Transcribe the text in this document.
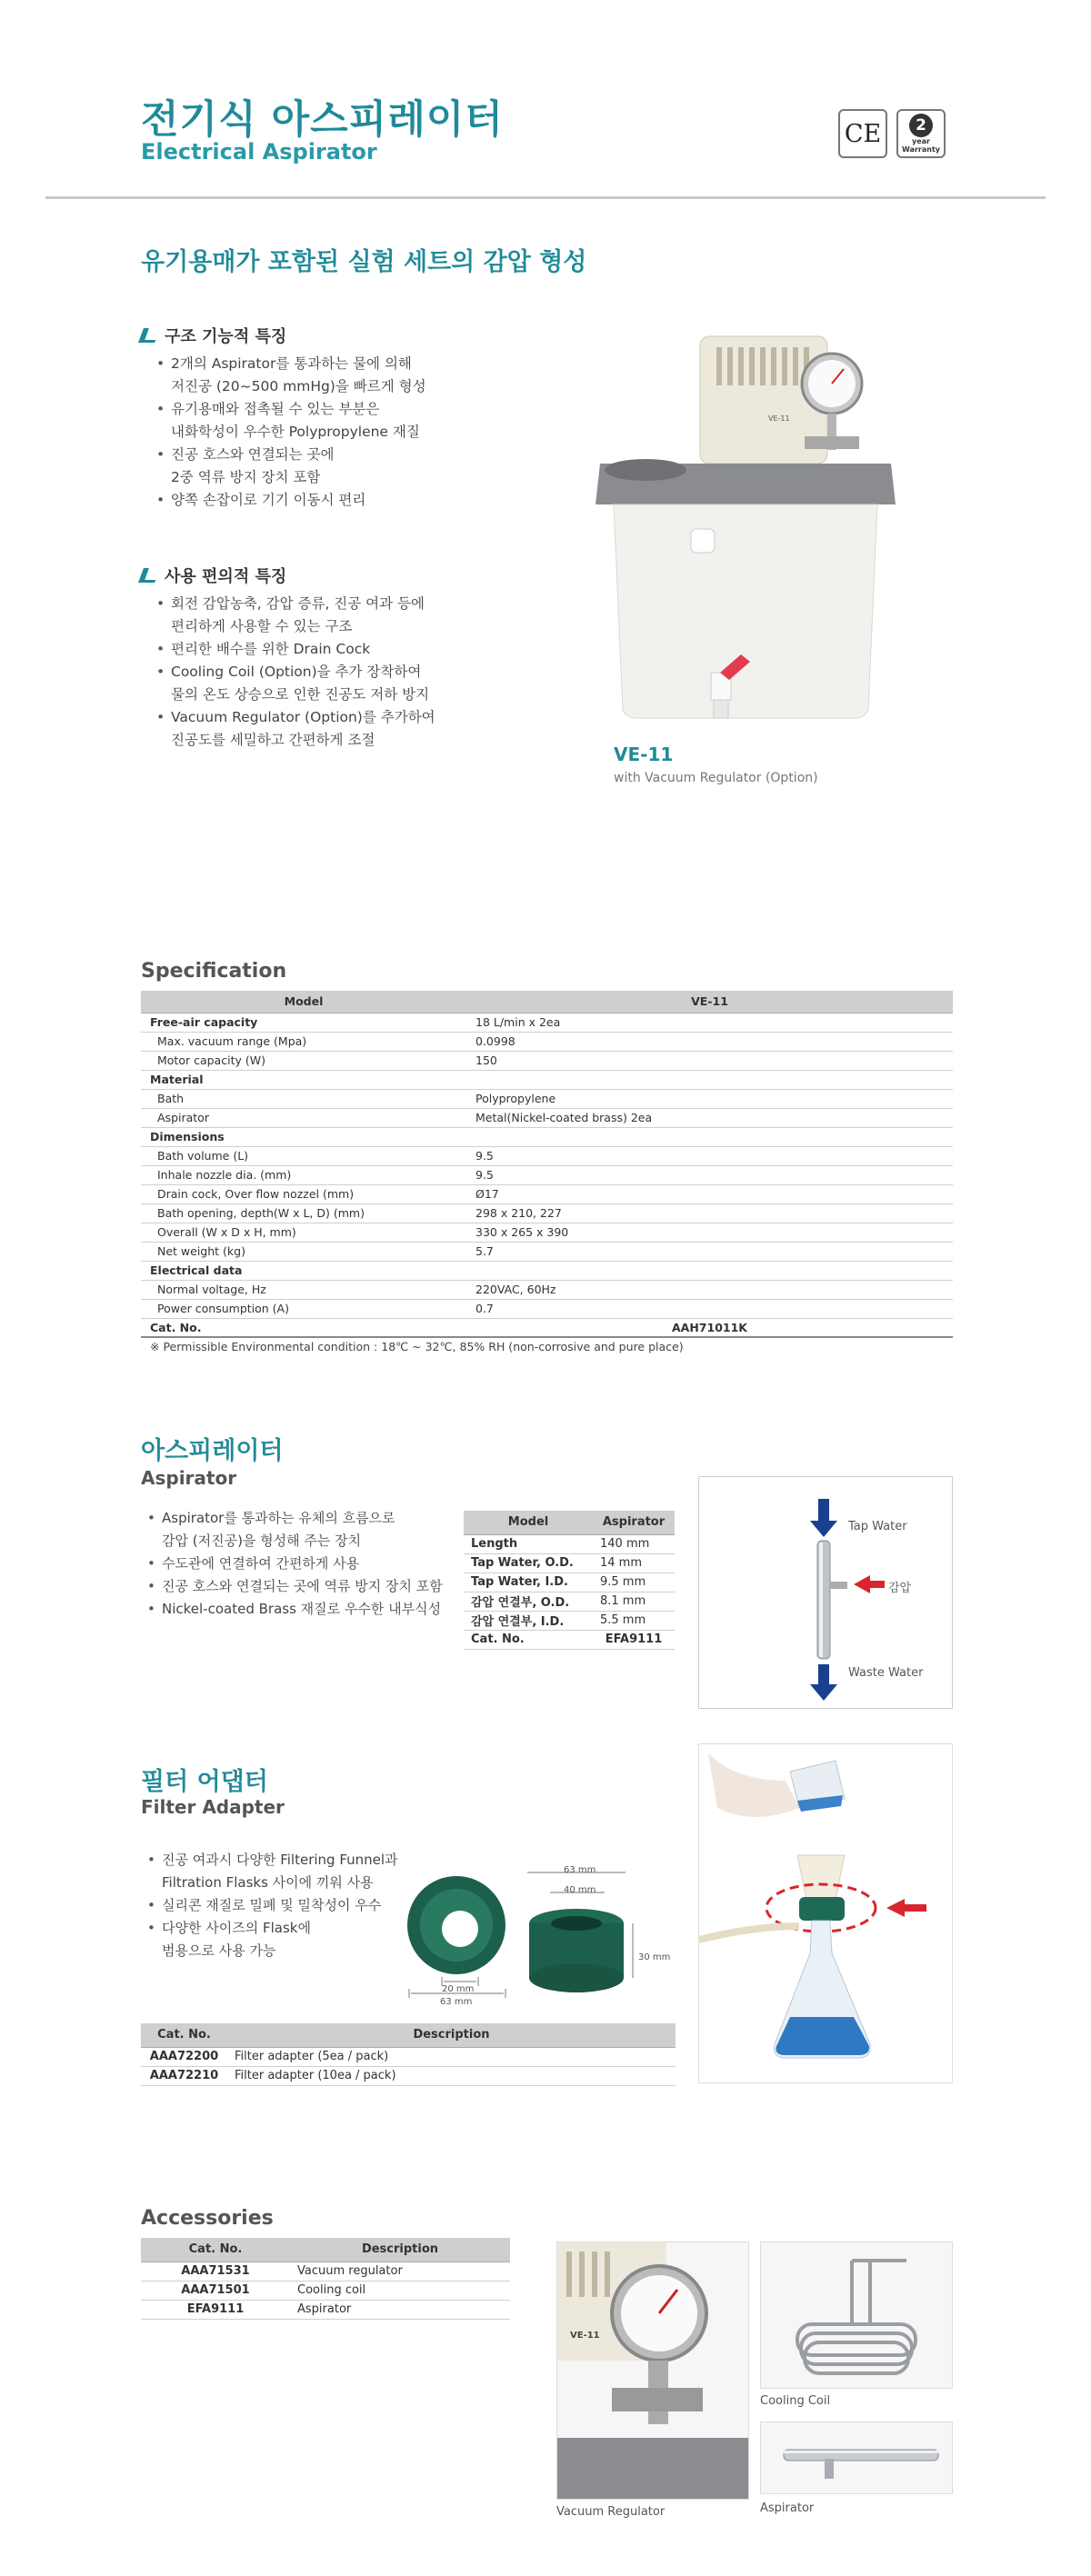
전기식 아스피레이터
Electrical Aspirator
CE	2
year
Warranty
유기용매가 포함된 실험 세트의 감압 형성
구조 기능적 특징
• 2개의 Aspirator를 통과하는 물에 의해
저진공 (20~500 mmHg)을 빠르게 형성
• 유기용매와 접촉될 수 있는 부분은
내화학성이 우수한 Polypropylene 재질
• 진공 호스와 연결되는 곳에
2중 역류 방지 장치 포함
• 양쪽 손잡이로 기기 이동시 편리
사용 편의적 특징
• 회전 감압농축, 감압 증류, 진공 여과 등에
편리하게 사용할 수 있는 구조
• 편리한 배수를 위한 Drain Cock
• Cooling Coil (Option)을 추가 장착하여
물의 온도 상승으로 인한 진공도 저하 방지
• Vacuum Regulator (Option)를 추가하여
진공도를 세밀하고 간편하게 조절
VE-11
VE-11
with Vacuum Regulator (Option)
Specification
Model	VE-11
Free-air capacity	18 L/min x 2ea
Max. vacuum range (Mpa)	0.0998
Motor capacity (W)	150
Material	
Bath	Polypropylene
Aspirator	Metal(Nickel-coated brass) 2ea
Dimensions	
Bath volume (L)	9.5
Inhale nozzle dia. (mm)	9.5
Drain cock, Over flow nozzel (mm)	Ø17
Bath opening, depth(W x L, D) (mm)	298 x 210, 227
Overall (W x D x H, mm)	330 x 265 x 390
Net weight (kg)	5.7
Electrical data	
Normal voltage, Hz	220VAC, 60Hz
Power consumption (A)	0.7
Cat. No.	AAH71011K
※ Permissible Environmental condition : 18℃ ~ 32℃, 85% RH (non-corrosive and pure place)
아스피레이터
Aspirator
• Aspirator를 통과하는 유체의 흐름으로
감압 (저진공)을 형성해 주는 장치
• 수도관에 연결하여 간편하게 사용
• 진공 호스와 연결되는 곳에 역류 방지 장치 포함
• Nickel-coated Brass 재질로 우수한 내부식성
Model	Aspirator
Length	140 mm
Tap Water, O.D.	14 mm
Tap Water, I.D.	9.5 mm
감압 연결부, O.D.	8.1 mm
감압 연결부, I.D.	5.5 mm
Cat. No.	EFA9111
Tap Water
감압
Waste Water
필터 어댑터
Filter Adapter
• 진공 여과시 다양한 Filtering Funnel과
Filtration Flasks 사이에 끼워 사용
• 실리콘 재질로 밀폐 및 밀착성이 우수
• 다양한 사이즈의 Flask에
범용으로 사용 가능
63 mm
40 mm
30 mm
20 mm
63 mm
Cat. No.	Description
AAA72200	Filter adapter (5ea / pack)
AAA72210	Filter adapter (10ea / pack)
Accessories
Cat. No.	Description
AAA71531	Vacuum regulator
AAA71501	Cooling coil
EFA9111	Aspirator
VE-11
Vacuum Regulator
Cooling Coil
Aspirator
